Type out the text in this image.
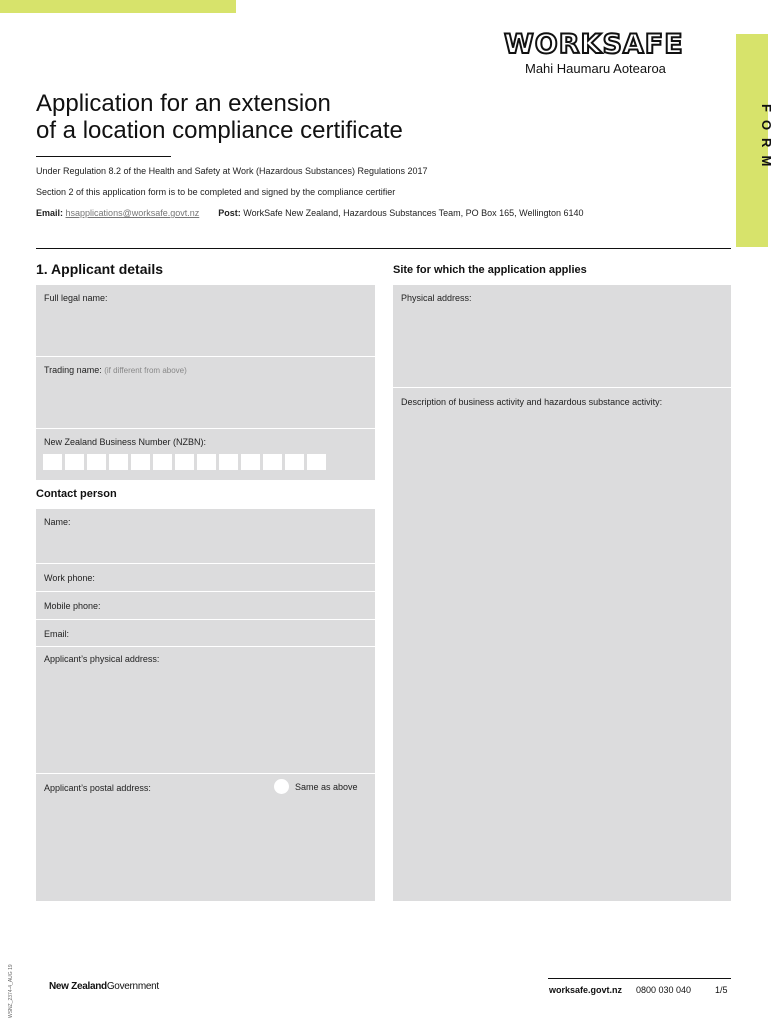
WORKSAFE
Mahi Haumaru Aotearoa
FORM
Application for an extension
of a location compliance certificate
Under Regulation 8.2 of the Health and Safety at Work (Hazardous Substances) Regulations 2017
Section 2 of this application form is to be completed and signed by the compliance certifier
Email: hsapplications@worksafe.govt.nz Post: WorkSafe New Zealand, Hazardous Substances Team, PO Box 165, Wellington 6140
1. Applicant details	Site for which the application applies
Full legal name:
Trading name: (if different from above)
New Zealand Business Number (NZBN):
Contact person
Name:
Work phone:
Mobile phone:
Email:
Applicant’s physical address:
Applicant’s postal address:	Same as above
Physical address:
Description of business activity and hazardous substance activity:
WSNZ_2374-4_AUG 19	New ZealandGovernment	worksafe.govt.nz 0800 030 040	1/5
